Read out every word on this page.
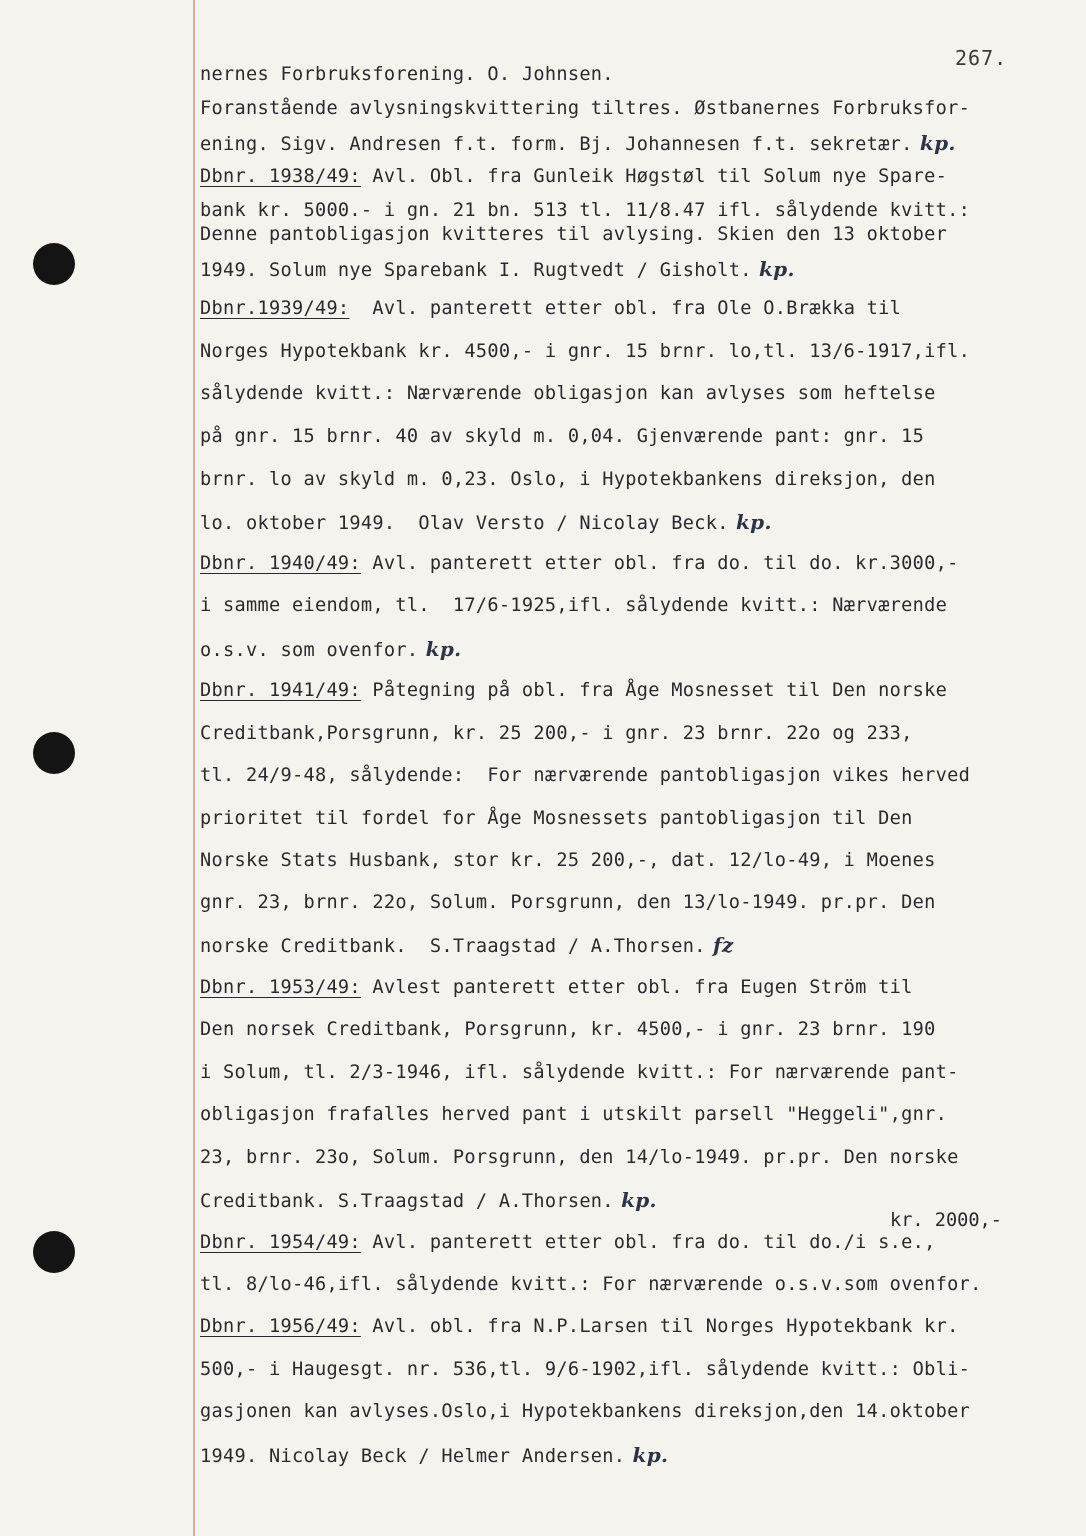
267.
kr. 2000,-
nernes Forbruksforening. O. Johnsen.
Foranstående avlysningskvittering tiltres. Østbanernes Forbruksfor-
ening. Sigv. Andresen f.t. form. Bj. Johannesen f.t. sekretær. kp.
Dbnr. 1938/49: Avl. Obl. fra Gunleik Høgstøl til Solum nye Spare-
bank kr. 5000.- i gn. 21 bn. 513 tl. 11/8.47 ifl. sålydende kvitt.:
Denne pantobligasjon kvitteres til avlysing. Skien den 13 oktober
1949. Solum nye Sparebank I. Rugtvedt / Gisholt. kp.
Dbnr.1939/49:  Avl. panterett etter obl. fra Ole O.Brækka til
Norges Hypotekbank kr. 4500,- i gnr. 15 brnr. lo,tl. 13/6-1917,ifl.
sålydende kvitt.: Nærværende obligasjon kan avlyses som heftelse
på gnr. 15 brnr. 40 av skyld m. 0,04. Gjenværende pant: gnr. 15
brnr. lo av skyld m. 0,23. Oslo, i Hypotekbankens direksjon, den
lo. oktober 1949.  Olav Versto / Nicolay Beck. kp.
Dbnr. 1940/49: Avl. panterett etter obl. fra do. til do. kr.3000,-
i samme eiendom, tl.  17/6-1925,ifl. sålydende kvitt.: Nærværende
o.s.v. som ovenfor. kp.
Dbnr. 1941/49: Påtegning på obl. fra Åge Mosnesset til Den norske
Creditbank,Porsgrunn, kr. 25 200,- i gnr. 23 brnr. 22o og 233,
tl. 24/9-48, sålydende:  For nærværende pantobligasjon vikes herved
prioritet til fordel for Åge Mosnessets pantobligasjon til Den
Norske Stats Husbank, stor kr. 25 200,-, dat. 12/lo-49, i Moenes
gnr. 23, brnr. 22o, Solum. Porsgrunn, den 13/lo-1949. pr.pr. Den
norske Creditbank.  S.Traagstad / A.Thorsen. fz
Dbnr. 1953/49: Avlest panterett etter obl. fra Eugen Ström til
Den norsek Creditbank, Porsgrunn, kr. 4500,- i gnr. 23 brnr. 190
i Solum, tl. 2/3-1946, ifl. sålydende kvitt.: For nærværende pant-
obligasjon frafalles herved pant i utskilt parsell "Heggeli",gnr.
23, brnr. 23o, Solum. Porsgrunn, den 14/lo-1949. pr.pr. Den norske
Creditbank. S.Traagstad / A.Thorsen. kp.
Dbnr. 1954/49: Avl. panterett etter obl. fra do. til do./i s.e.,
tl. 8/lo-46,ifl. sålydende kvitt.: For nærværende o.s.v.som ovenfor.
Dbnr. 1956/49: Avl. obl. fra N.P.Larsen til Norges Hypotekbank kr.
500,- i Haugesgt. nr. 536,tl. 9/6-1902,ifl. sålydende kvitt.: Obli-
gasjonen kan avlyses.Oslo,i Hypotekbankens direksjon,den 14.oktober
1949. Nicolay Beck / Helmer Andersen. kp.
